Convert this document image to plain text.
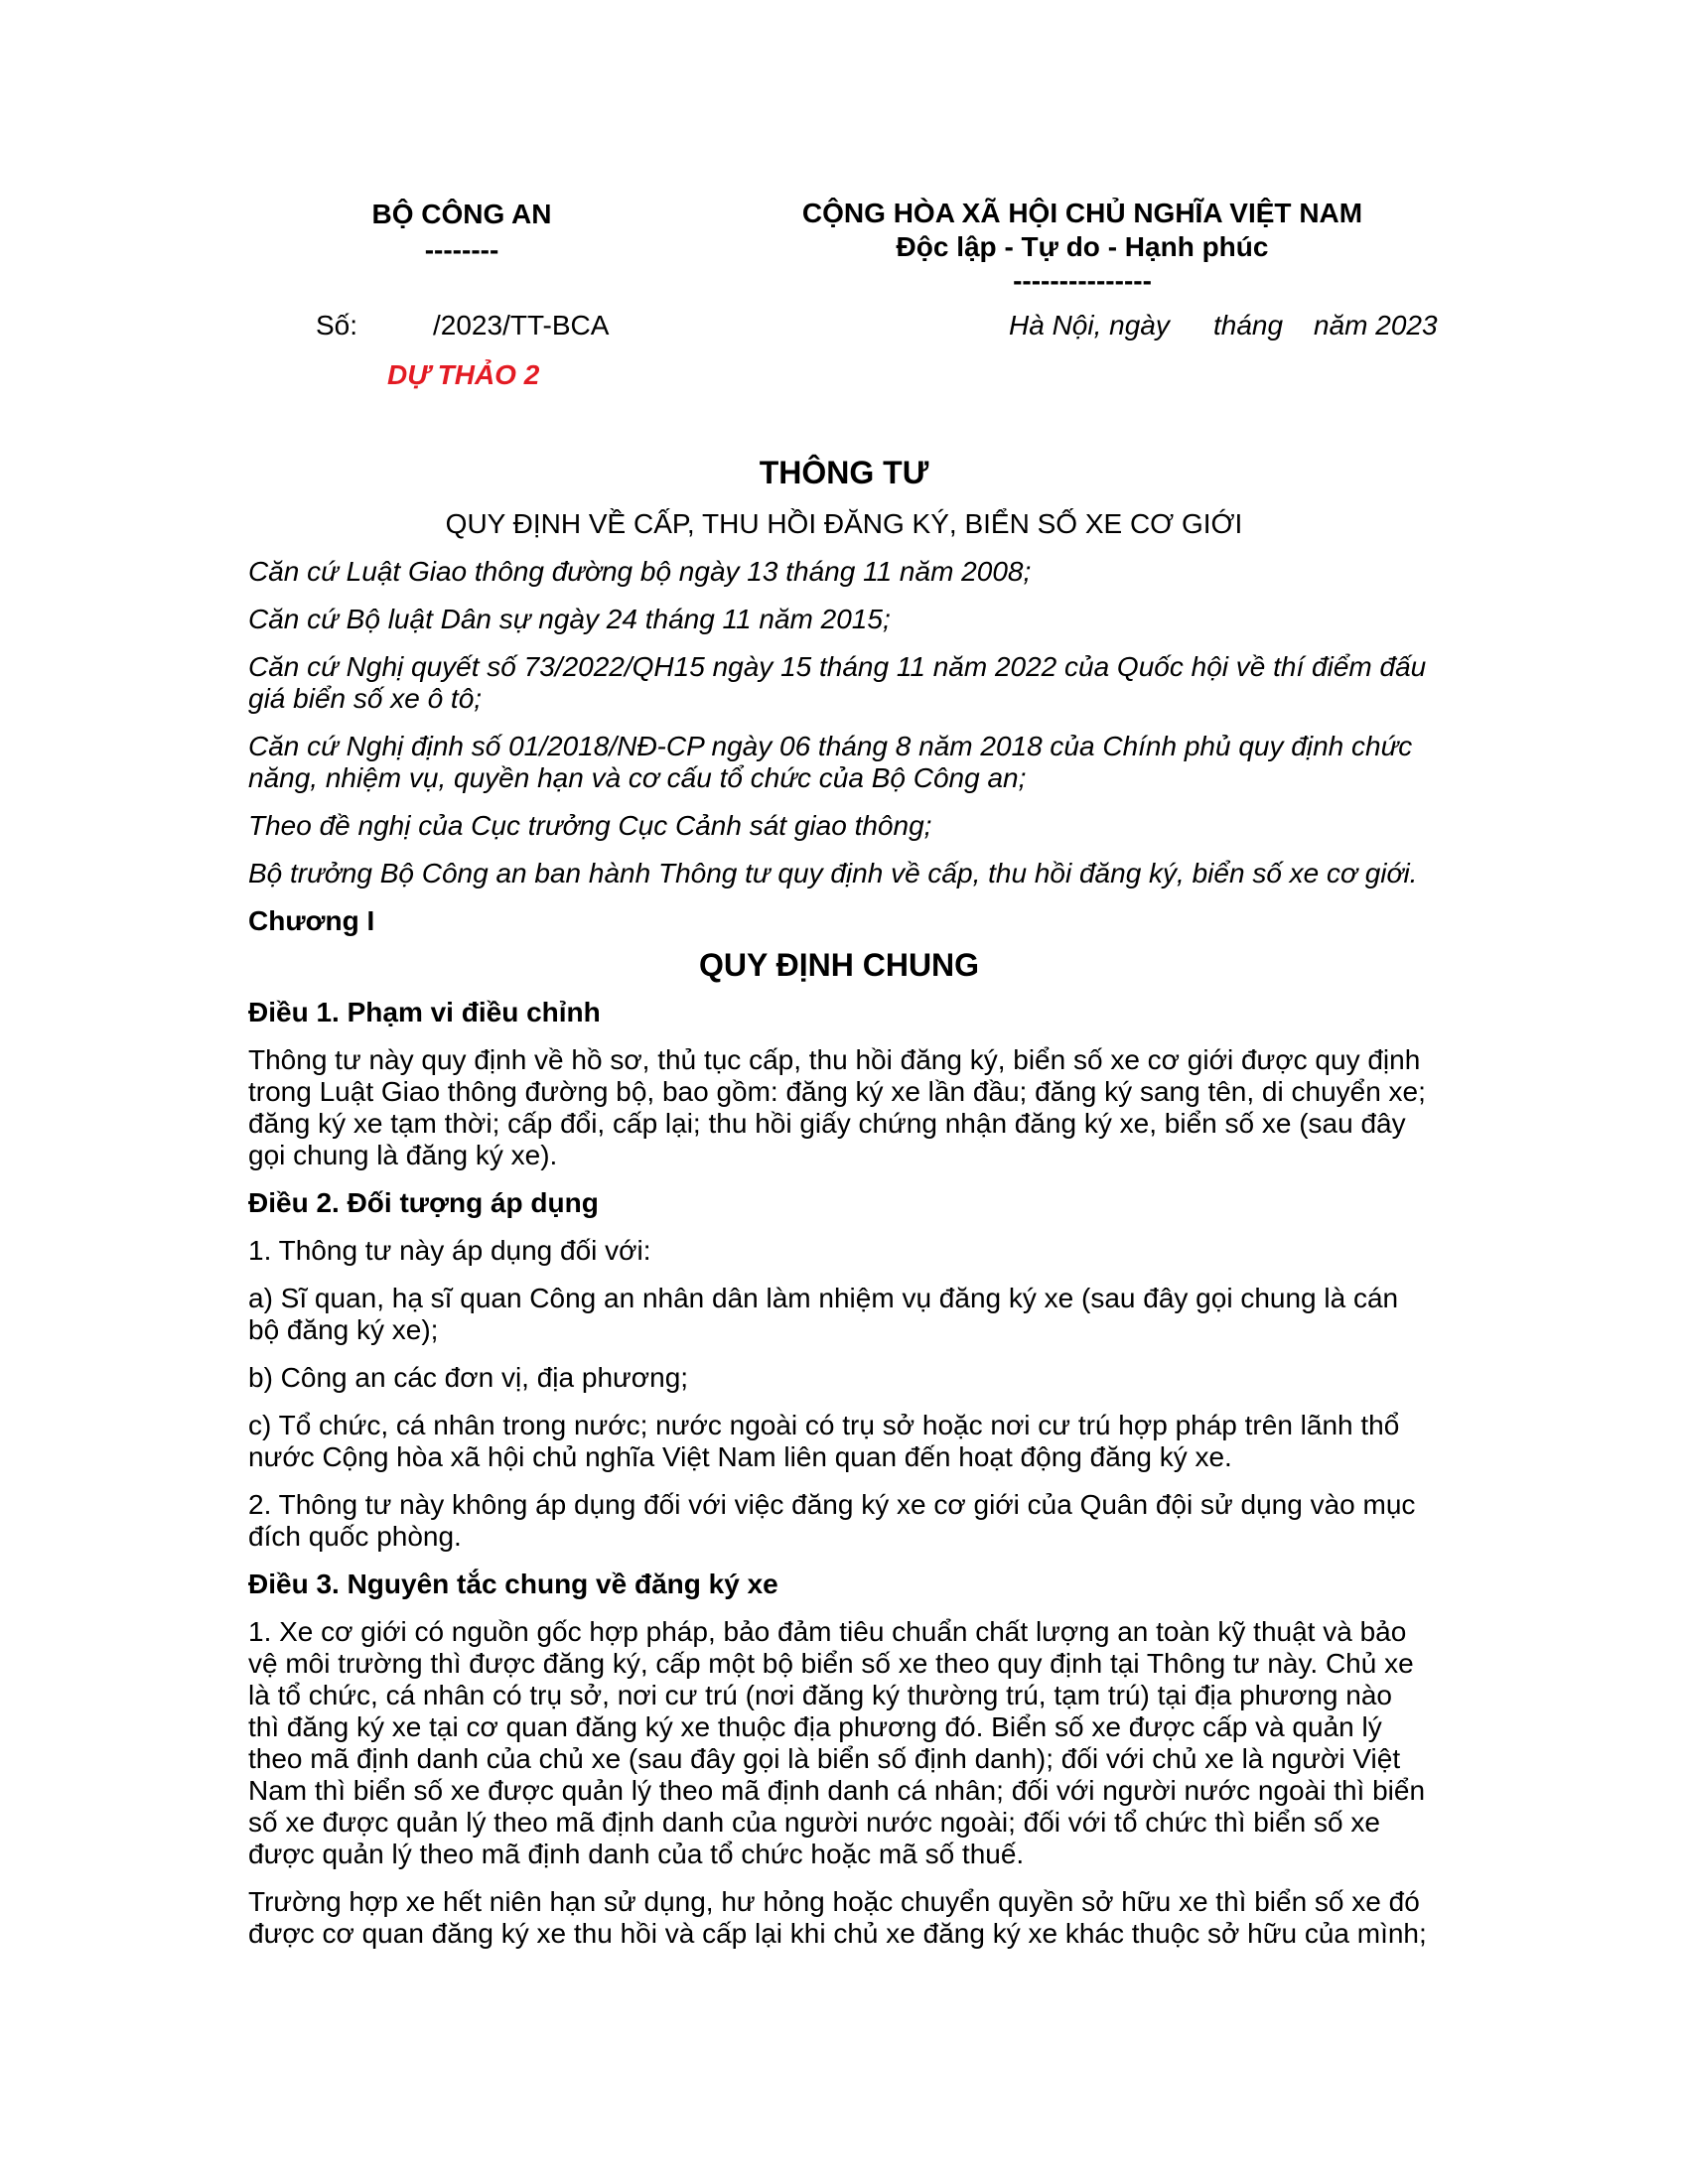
BỘ CÔNG AN
--------
CỘNG HÒA XÃ HỘI CHỦ NGHĨA VIỆT NAM
Độc lập - Tự do - Hạnh phúc
---------------
Số:	/2023/TT-BCA	Hà Nội, ngày tháng năm 2023
DỰ THẢO 2
THÔNG TƯ
QUY ĐỊNH VỀ CẤP, THU HỒI ĐĂNG KÝ, BIỂN SỐ XE CƠ GIỚI

Căn cứ Luật Giao thông đường bộ ngày 13 tháng 11 năm 2008;

Căn cứ Bộ luật Dân sự ngày 24 tháng 11 năm 2015;

Căn cứ Nghị quyết số 73/2022/QH15 ngày 15 tháng 11 năm 2022 của Quốc hội về thí điểm đấu giá biển số xe ô tô;

Căn cứ Nghị định số 01/2018/NĐ-CP ngày 06 tháng 8 năm 2018 của Chính phủ quy định chức năng, nhiệm vụ, quyền hạn và cơ cấu tổ chức của Bộ Công an;

Theo đề nghị của Cục trưởng Cục Cảnh sát giao thông;

Bộ trưởng Bộ Công an ban hành Thông tư quy định về cấp, thu hồi đăng ký, biển số xe cơ giới.

Chương I

QUY ĐỊNH CHUNG

Điều 1. Phạm vi điều chỉnh

Thông tư này quy định về hồ sơ, thủ tục cấp, thu hồi đăng ký, biển số xe cơ giới được quy định trong Luật Giao thông đường bộ, bao gồm: đăng ký xe lần đầu; đăng ký sang tên, di chuyển xe; đăng ký xe tạm thời; cấp đổi, cấp lại; thu hồi giấy chứng nhận đăng ký xe, biển số xe (sau đây gọi chung là đăng ký xe).

Điều 2. Đối tượng áp dụng

1. Thông tư này áp dụng đối với:

a) Sĩ quan, hạ sĩ quan Công an nhân dân làm nhiệm vụ đăng ký xe (sau đây gọi chung là cán bộ đăng ký xe);

b) Công an các đơn vị, địa phương;

c) Tổ chức, cá nhân trong nước; nước ngoài có trụ sở hoặc nơi cư trú hợp pháp trên lãnh thổ nước Cộng hòa xã hội chủ nghĩa Việt Nam liên quan đến hoạt động đăng ký xe.

2. Thông tư này không áp dụng đối với việc đăng ký xe cơ giới của Quân đội sử dụng vào mục đích quốc phòng.

Điều 3. Nguyên tắc chung về đăng ký xe

1. Xe cơ giới có nguồn gốc hợp pháp, bảo đảm tiêu chuẩn chất lượng an toàn kỹ thuật và bảo vệ môi trường thì được đăng ký, cấp một bộ biển số xe theo quy định tại Thông tư này. Chủ xe là tổ chức, cá nhân có trụ sở, nơi cư trú (nơi đăng ký thường trú, tạm trú) tại địa phương nào thì đăng ký xe tại cơ quan đăng ký xe thuộc địa phương đó. Biển số xe được cấp và quản lý theo mã định danh của chủ xe (sau đây gọi là biển số định danh); đối với chủ xe là người Việt Nam thì biển số xe được quản lý theo mã định danh cá nhân; đối với người nước ngoài thì biển số xe được quản lý theo mã định danh của người nước ngoài; đối với tổ chức thì biển số xe được quản lý theo mã định danh của tổ chức hoặc mã số thuế.

Trường hợp xe hết niên hạn sử dụng, hư hỏng hoặc chuyển quyền sở hữu xe thì biển số xe đó được cơ quan đăng ký xe thu hồi và cấp lại khi chủ xe đăng ký xe khác thuộc sở hữu của mình;
